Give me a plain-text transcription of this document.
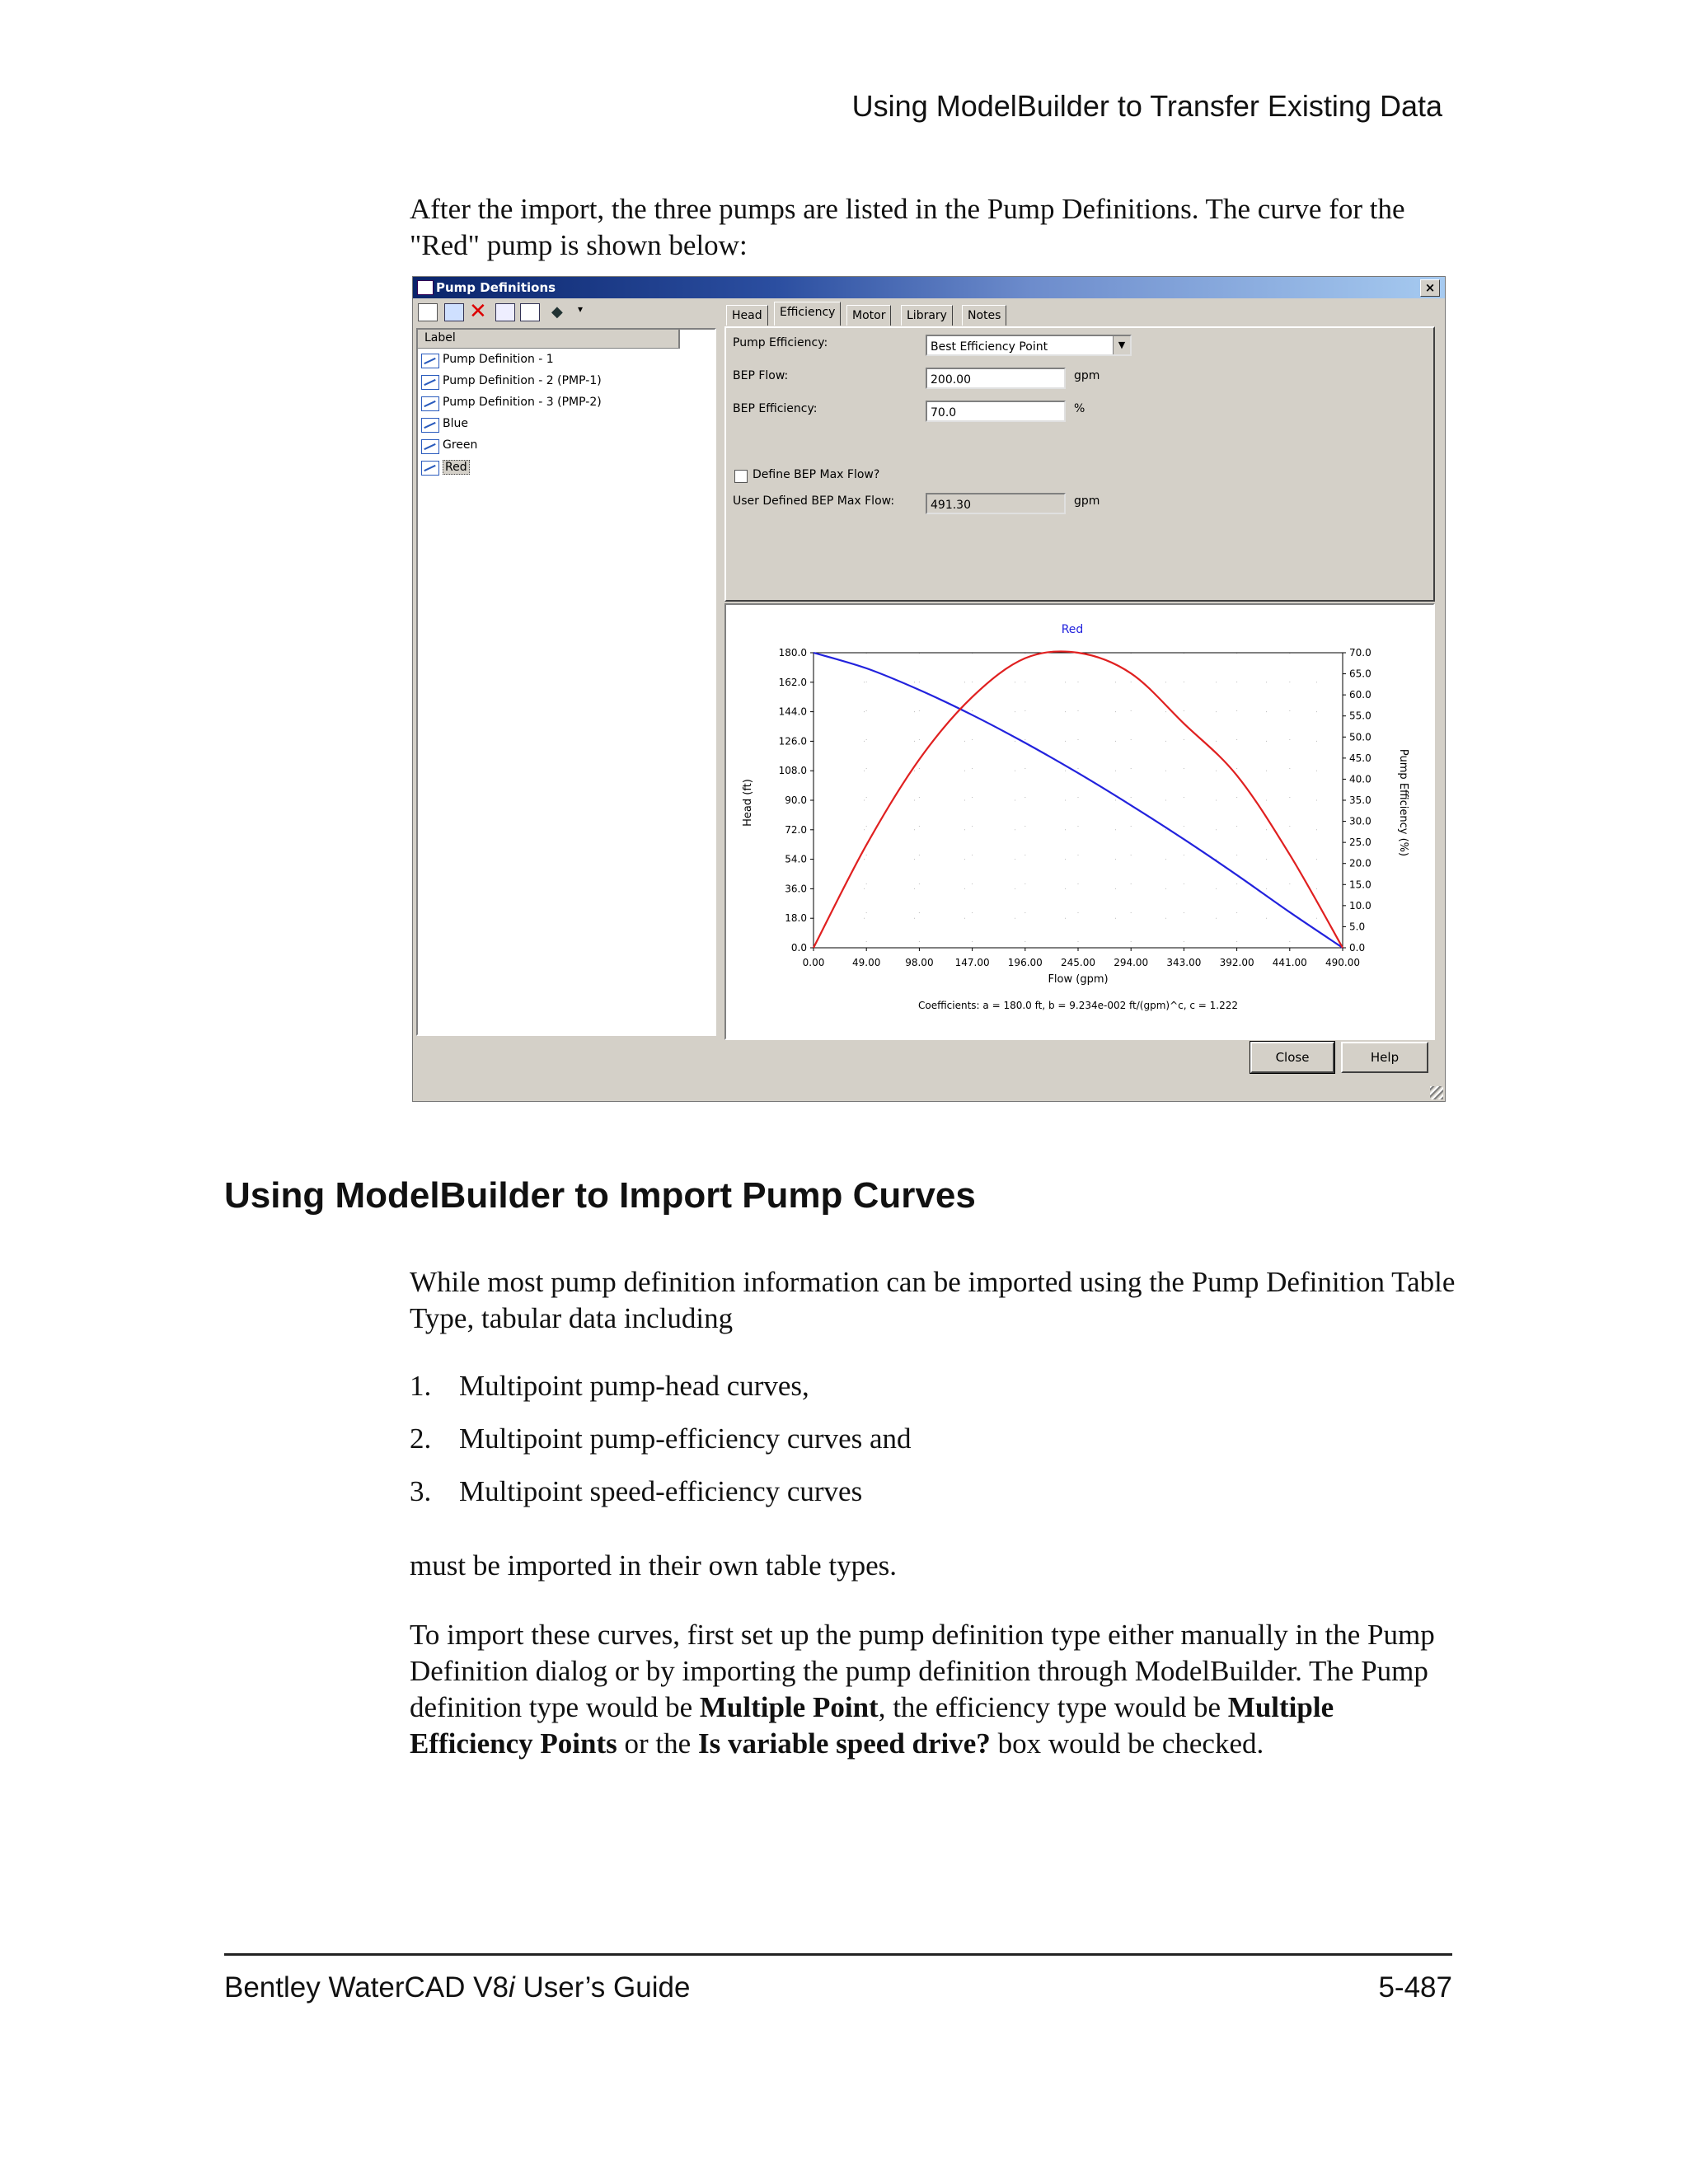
Using ModelBuilder to Transfer Existing Data
After the import, the three pumps are listed in the Pump Definitions. The curve for the "Red" pump is shown below:
Pump Definitions	×
✕	◆	▾
Label
Pump Definition - 1
Pump Definition - 2 (PMP-1)
Pump Definition - 3 (PMP-2)
Blue
Green
Red
Head	Efficiency	Motor	Library	Notes
Pump Efficiency:	Best Efficiency Point	▼
BEP Flow:	200.00	gpm
BEP Efficiency:	70.0	%
Define BEP Max Flow?
User Defined BEP Max Flow:	491.30	gpm
Red
0.0
18.0
36.0
54.0
72.0
90.0
108.0
126.0
144.0
162.0
180.0
0.0
5.0
10.0
15.0
20.0
25.0
30.0
35.0
40.0
45.0
50.0
55.0
60.0
65.0
70.0
0.00	49.00 98.00 147.00 196.00 245.00 294.00 343.00 392.00 441.00 490.00
Flow (gpm)
Head (ft)	Pump Efficiency (%)
Coefficients: a = 180.0 ft, b = 9.234e-002 ft/(gpm)^c, c = 1.222
Close	Help
Using ModelBuilder to Import Pump Curves
While most pump definition information can be imported using the Pump Definition Table Type, tabular data including
1. Multipoint pump-head curves,
2. Multipoint pump-efficiency curves and
3. Multipoint speed-efficiency curves
must be imported in their own table types.
To import these curves, first set up the pump definition type either manually in the Pump Definition dialog or by importing the pump definition through ModelBuilder. The Pump definition type would be Multiple Point, the efficiency type would be Multiple Efficiency Points or the Is variable speed drive? box would be checked.
Bentley WaterCAD V8i User’s Guide	5-487
